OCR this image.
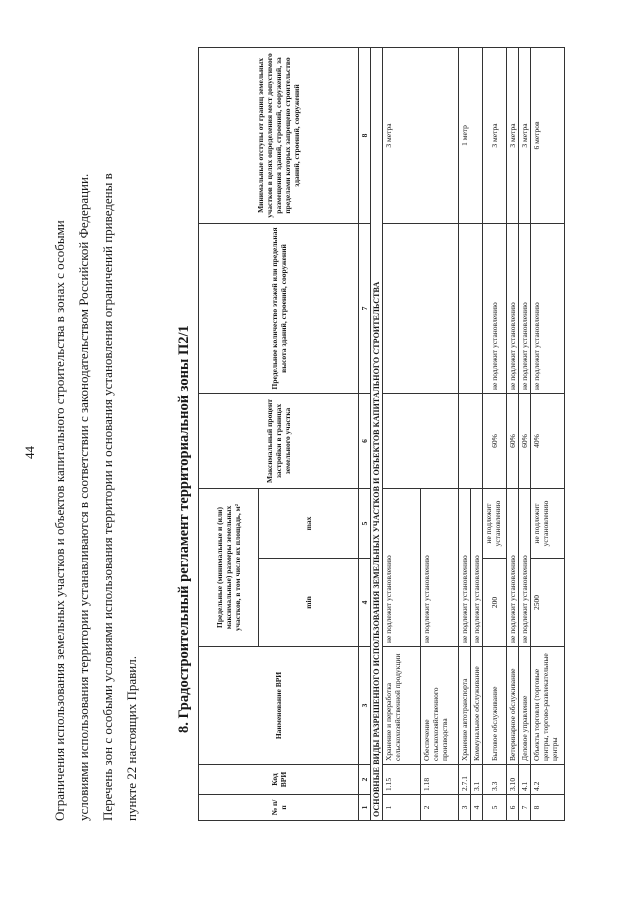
44 Ограничения использования земельных участков и объектов капитального строительства в зонах с особыми условиями использования территории устанавливаются в соответствии с законодательством Российской Федерации. Перечень зон с особыми условиями использования территории и основания установления ограничений приведены в пункте 22 настоящих Правил.
8. Градостроительный регламент территориальной зоны П2/1
№ п/п	Код ВРИ	Наименование ВРИ	Предельные (минимальные и (или) максимальные) размеры земельных участков, в том числе их площадь, м²		Максимальный процент застройки в границах земельного участка	Предельное количество этажей или предельная высота зданий, строений, сооружений	Минимальные отступы от границ земельных участков в целях определения мест допустимого размещения зданий, строений, сооружений, за пределами которых запрещено строительство зданий, строений, сооружений
			min	max			
1	2	3	4	5	6	7	8
ОСНОВНЫЕ ВИДЫ РАЗРЕШЕННОГО ИСПОЛЬЗОВАНИЯ ЗЕМЕЛЬНЫХ УЧАСТКОВ И ОБЪЕКТОВ КАПИТАЛЬНОГО СТРОИТЕЛЬСТВА							
1	1.15	Хранение и переработка сельскохозяйственной продукции	не подлежит установлению				3 метра
2	1.18	Обеспечение сельскохозяйственного производства	не подлежит установлению				
3	2.7.1	Хранение автотранспорта	не подлежит установлению				1 метр
4	3.1	Коммунальное обслуживание	не подлежит установлению				
5	3.3	Бытовое обслуживание	200	не подлежит установлению	60%	не подлежит установлению	3 метра
6	3.10	Ветеринарное обслуживание	не подлежит установлению		60%	не подлежит установлению	3 метра
7	4.1	Деловое управление	не подлежит установлению		60%	не подлежит установлению	3 метра
8	4.2	Объекты торговли (торговые центры, торгово-развлекательные центры	2500	не подлежит установлению	40%	не подлежит установлению	6 метров
